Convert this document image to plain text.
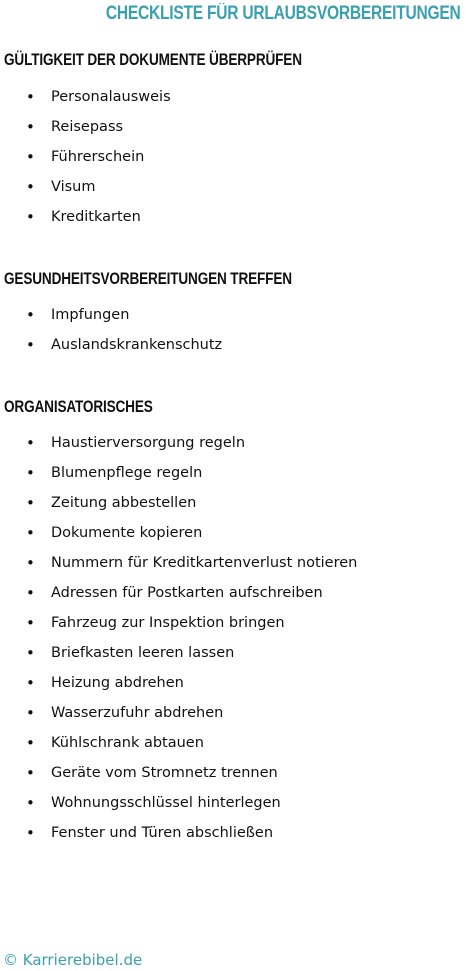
CHECKLISTE FÜR URLAUBSVORBEREITUNGEN
GÜLTIGKEIT DER DOKUMENTE ÜBERPRÜFEN
• Personalausweis
• Reisepass
• Führerschein
• Visum
• Kreditkarten
GESUNDHEITSVORBEREITUNGEN TREFFEN
• Impfungen
• Auslandskrankenschutz
ORGANISATORISCHES
• Haustierversorgung regeln
• Blumenpflege regeln
• Zeitung abbestellen
• Dokumente kopieren
• Nummern für Kreditkartenverlust notieren
• Adressen für Postkarten aufschreiben
• Fahrzeug zur Inspektion bringen
• Briefkasten leeren lassen
• Heizung abdrehen
• Wasserzufuhr abdrehen
• Kühlschrank abtauen
• Geräte vom Stromnetz trennen
• Wohnungsschlüssel hinterlegen
• Fenster und Türen abschließen
© Karrierebibel.de
